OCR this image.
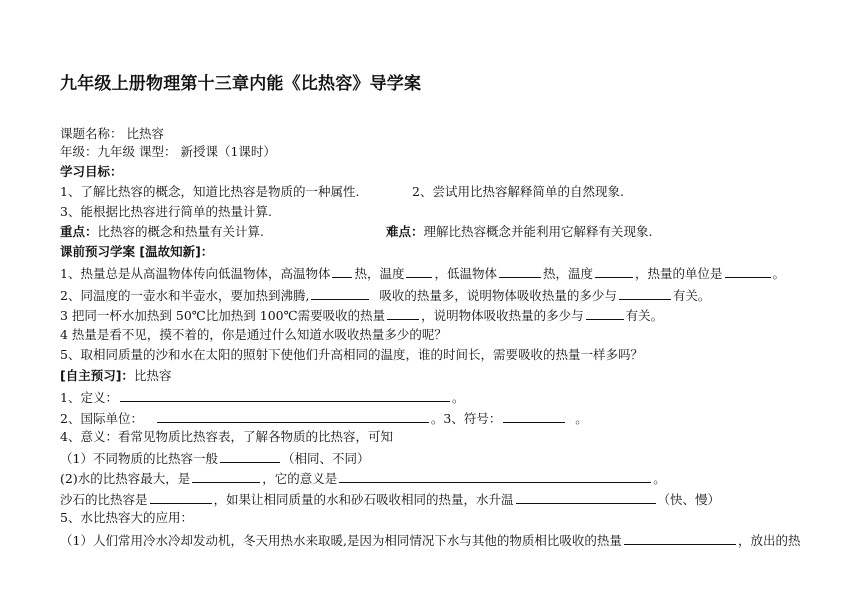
九年级上册物理第十三章内能《比热容》导学案
课题名称： 比热容
年级：九年级 课型： 新授课（1课时）
学习目标：
1、了解比热容的概念，知道比热容是物质的一种属性.	2、尝试用比热容解释简单的自然现象.
3、能根据比热容进行简单的热量计算.
重点：比热容的概念和热量有关计算.	难点：理解比热容概念并能利用它解释有关现象.
课前预习学案 [温故知新]：
1、热量总是从高温物体传向低温物体，高温物体 热，温度 ，低温物体	热，温度	，热量的单位是	。
2、同温度的一壶水和半壶水，要加热到沸腾,	吸收的热量多，说明物体吸收热量的多少与	有关。
3 把同一杯水加热到 50℃比加热到 100℃需要吸收的热量	，说明物体吸收热量的多少与	有关。
4 热量是看不见，摸不着的，你是通过什么知道水吸收热量多少的呢？
5、取相同质量的沙和水在太阳的照射下使他们升高相同的温度，谁的时间长，需要吸收的热量一样多吗？
[自主预习]：比热容
1、定义：	。
2、国际单位：	。3、符号：	。
4、意义：看常见物质比热容表，了解各物质的比热容，可知
（1）不同物质的比热容一般	（相同、不同）
(2)水的比热容最大，是	，它的意义是	。
沙石的比热容是	，如果让相同质量的水和砂石吸收相同的热量，水升温	（快、慢）
5、水比热容大的应用：
（1）人们常用冷水冷却发动机，冬天用热水来取暖,是因为相同情况下水与其他的物质相比吸收的热量	，放出的热
